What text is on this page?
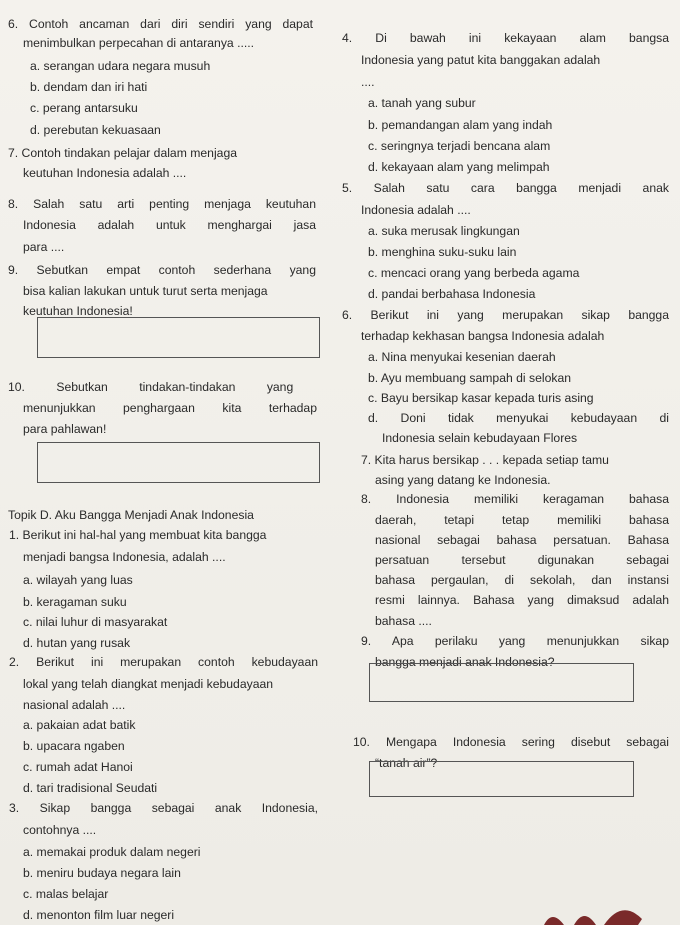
6. Contoh ancaman dari diri sendiri yang dapat
menimbulkan perpecahan di antaranya .....
a. serangan udara negara musuh
b. dendam dan iri hati
c. perang antarsuku
d. perebutan kekuasaan
7. Contoh tindakan pelajar dalam menjaga
keutuhan Indonesia adalah ....
8. Salah satu arti penting menjaga keutuhan
Indonesia adalah untuk menghargai jasa
para ....
9. Sebutkan empat contoh sederhana yang
bisa kalian lakukan untuk turut serta menjaga
keutuhan Indonesia!
10. Sebutkan tindakan-tindakan yang
menunjukkan penghargaan kita terhadap
para pahlawan!
Topik D. Aku Bangga Menjadi Anak Indonesia
1. Berikut ini hal-hal yang membuat kita bangga
menjadi bangsa Indonesia, adalah ....
a. wilayah yang luas
b. keragaman suku
c. nilai luhur di masyarakat
d. hutan yang rusak
2. Berikut ini merupakan contoh kebudayaan
lokal yang telah diangkat menjadi kebudayaan
nasional adalah ....
a. pakaian adat batik
b. upacara ngaben
c. rumah adat Hanoi
d. tari tradisional Seudati
3. Sikap bangga sebagai anak Indonesia,
contohnya ....
a. memakai produk dalam negeri
b. meniru budaya negara lain
c. malas belajar
d. menonton film luar negeri
4. Di bawah ini kekayaan alam bangsa
Indonesia yang patut kita banggakan adalah
....
a. tanah yang subur
b. pemandangan alam yang indah
c. seringnya terjadi bencana alam
d. kekayaan alam yang melimpah
5. Salah satu cara bangga menjadi anak
Indonesia adalah ....
a. suka merusak lingkungan
b. menghina suku-suku lain
c. mencaci orang yang berbeda agama
d. pandai berbahasa Indonesia
6. Berikut ini yang merupakan sikap bangga
terhadap kekhasan bangsa Indonesia adalah
a. Nina menyukai kesenian daerah
b. Ayu membuang sampah di selokan
c. Bayu bersikap kasar kepada turis asing
d. Doni tidak menyukai kebudayaan di
Indonesia selain kebudayaan Flores
7. Kita harus bersikap . . . kepada setiap tamu
asing yang datang ke Indonesia.
8. Indonesia memiliki keragaman bahasa
daerah, tetapi tetap memiliki bahasa
nasional sebagai bahasa persatuan. Bahasa
persatuan tersebut digunakan sebagai
bahasa pergaulan, di sekolah, dan instansi
resmi lainnya. Bahasa yang dimaksud adalah
bahasa ....
9. Apa perilaku yang menunjukkan sikap
bangga menjadi anak Indonesia?
10. Mengapa Indonesia sering disebut sebagai
“tanah air”?
